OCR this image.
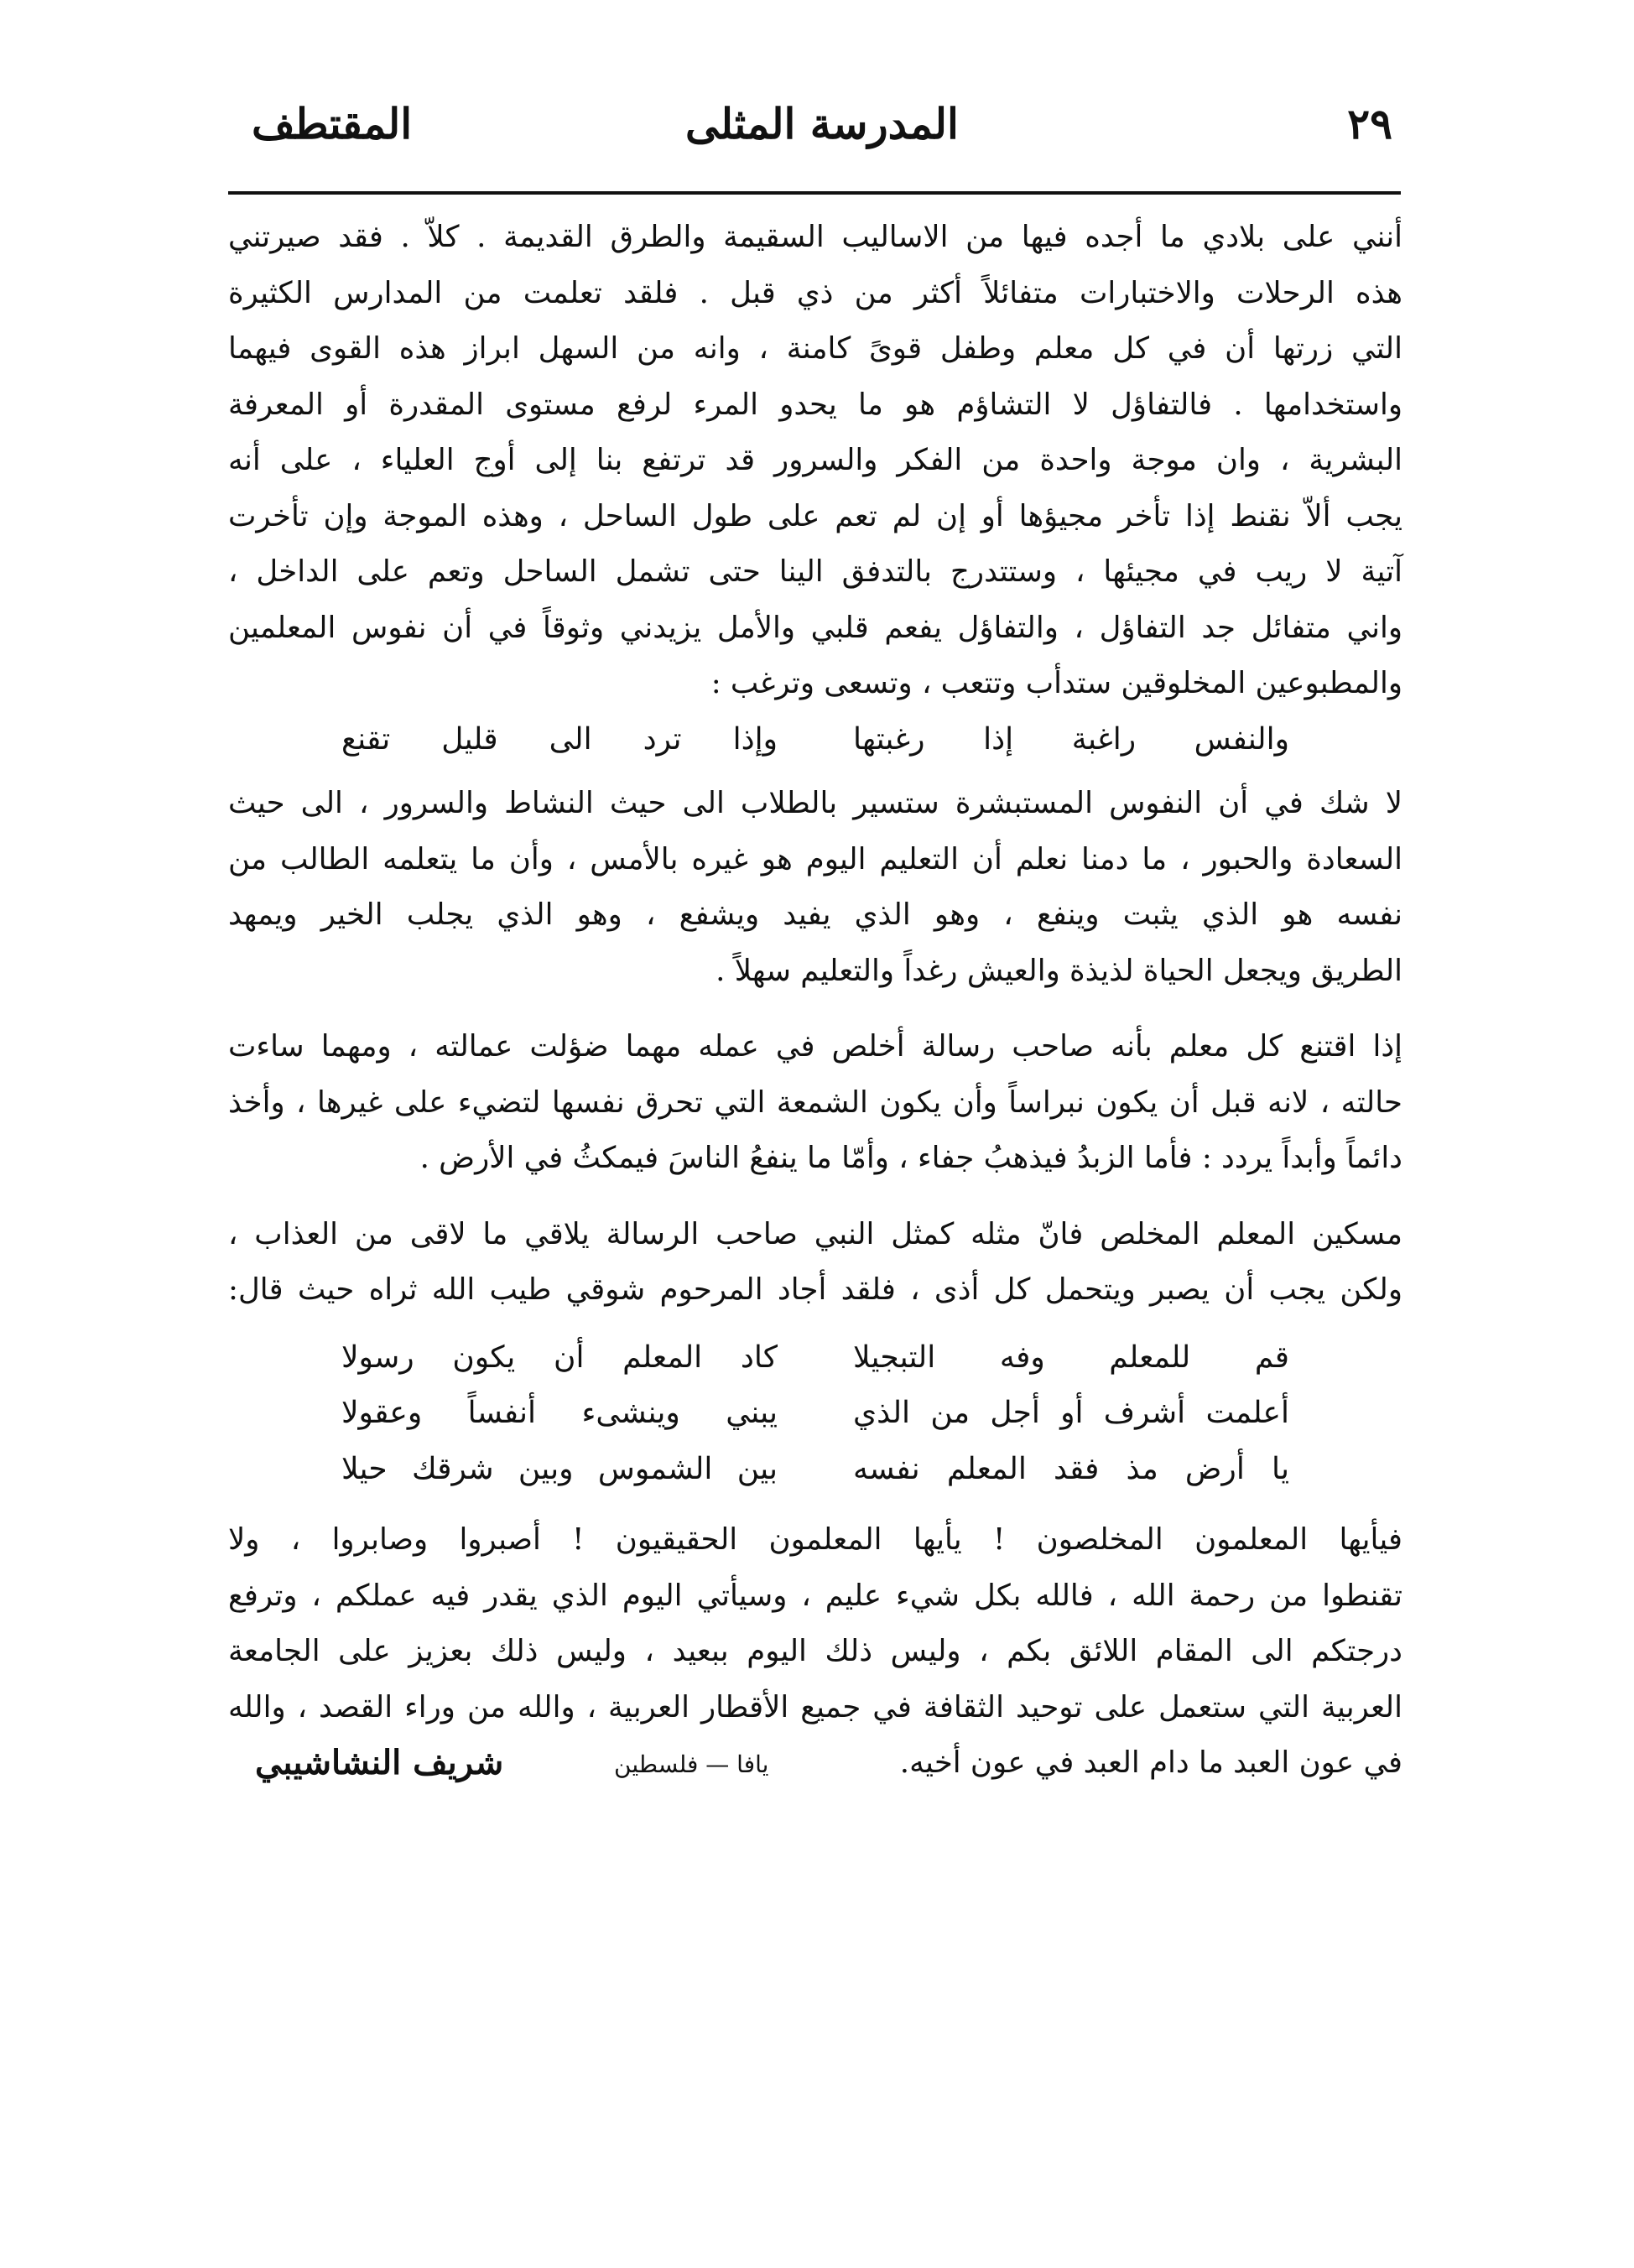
٢٩
المدرسة المثلى
المقتطف

أنني على بلادي ما أجده فيها من الاساليب السقيمة والطرق القديمة . كلاّ . فقد صيرتني
هذه الرحلات والاختبارات متفائلاً أكثر من ذي قبل . فلقد تعلمت من المدارس الكثيرة
التي زرتها أن في كل معلم وطفل قوىً كامنة ، وانه من السهل ابراز هذه القوى فيهما
واستخدامها . فالتفاؤل لا التشاؤم هو ما يحدو المرء لرفع مستوى المقدرة أو المعرفة
البشرية ، وان موجة واحدة من الفكر والسرور قد ترتفع بنا إلى أوج العلياء ، على أنه
يجب ألاّ نقنط إذا تأخر مجيؤها أو إن لم تعم على طول الساحل ، وهذه الموجة وإن تأخرت
آتية لا ريب في مجيئها ، وستتدرج بالتدفق الينا حتى تشمل الساحل وتعم على الداخل ،
واني متفائل جد التفاؤل ، والتفاؤل يفعم قلبي والأمل يزيدني وثوقاً في أن نفوس المعلمين
والمطبوعين المخلوقين ستدأب وتتعب ، وتسعى وترغب :

والنفس راغبة إذا رغبتها
وإذا ترد الى قليل تقنع

لا شك في أن النفوس المستبشرة ستسير بالطلاب الى حيث النشاط والسرور ، الى حيث
السعادة والحبور ، ما دمنا نعلم أن التعليم اليوم هو غيره بالأمس ، وأن ما يتعلمه الطالب من
نفسه هو الذي يثبت وينفع ، وهو الذي يفيد ويشفع ، وهو الذي يجلب الخير ويمهد
الطريق ويجعل الحياة لذيذة والعيش رغداً والتعليم سهلاً .

إذا اقتنع كل معلم بأنه صاحب رسالة أخلص في عمله مهما ضؤلت عمالته ، ومهما ساءت
حالته ، لانه قبل أن يكون نبراساً وأن يكون الشمعة التي تحرق نفسها لتضيء على غيرها ، وأخذ
دائماً وأبداً يردد : فأما الزبدُ فيذهبُ جفاء ، وأمّا ما ينفعُ الناسَ فيمكثُ في الأرض .

مسكين المعلم المخلص فانّ مثله كمثل النبي صاحب الرسالة يلاقي ما لاقى من العذاب ،
ولكن يجب أن يصبر ويتحمل كل أذى ، فلقد أجاد المرحوم شوقي طيب الله ثراه حيث قال:

قم للمعلم وفه التبجيلا
كاد المعلم أن يكون رسولا
أعلمت أشرف أو أجل من الذي
يبني وينشىء أنفساً وعقولا
يا أرض مذ فقد المعلم نفسه
بين الشموس وبين شرقك حيلا

فيأيها المعلمون المخلصون ! يأيها المعلمون الحقيقيون ! أصبروا وصابروا ، ولا
تقنطوا من رحمة الله ، فالله بكل شيء عليم ، وسيأتي اليوم الذي يقدر فيه عملكم ، وترفع
درجتكم الى المقام اللائق بكم ، وليس ذلك اليوم ببعيد ، وليس ذلك بعزيز على الجامعة
العربية التي ستعمل على توحيد الثقافة في جميع الأقطار العربية ، والله من وراء القصد ، والله

في عون العبد ما دام العبد في عون أخيه.
يافا — فلسطين
شريف النشاشيبي
